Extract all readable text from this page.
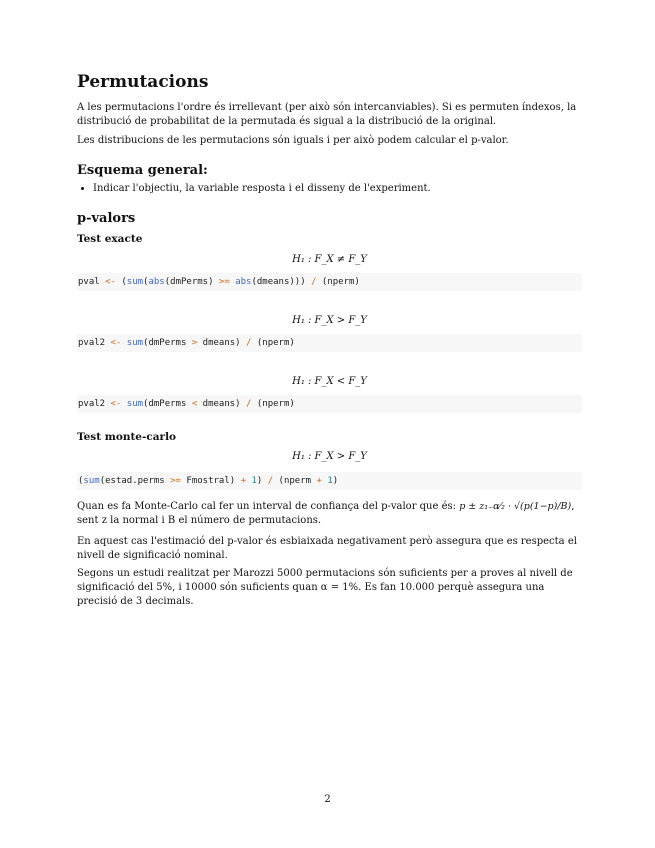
Permutacions

A les permutacions l'ordre és irrellevant (per això són intercanviables). Si es permuten índexos, la distribució de probabilitat de la permutada és sigual a la distribució de la original.

Les distribucions de les permutacions són iguals i per això podem calcular el p-valor.

Esquema general:
• Indicar l'objectiu, la variable resposta i el disseny de l'experiment.
p-valors
Test exacte
H₁ : F_X ≠ F_Y
pval <- (sum(abs(dmPerms) >= abs(dmeans))) / (nperm)
H₁ : F_X > F_Y
pval2 <- sum(dmPerms > dmeans) / (nperm)
H₁ : F_X < F_Y
pval2 <- sum(dmPerms < dmeans) / (nperm)
Test monte-carlo
H₁ : F_X > F_Y
(sum(estad.perms >= Fmostral) + 1) / (nperm + 1)

Quan es fa Monte-Carlo cal fer un interval de confiança del p-valor que és: p ± z₁₋α⁄₂ · √(p(1−p)/B), sent z la normal i B el número de permutacions.

En aquest cas l'estimació del p-valor és esbiaixada negativament però assegura que es respecta el nivell de significació nominal.

Segons un estudi realitzat per Marozzi 5000 permutacions són suficients per a proves al nivell de significació del 5%, i 10000 són suficients quan α = 1%. Es fan 10.000 perquè assegura una precisió de 3 decimals.

2
